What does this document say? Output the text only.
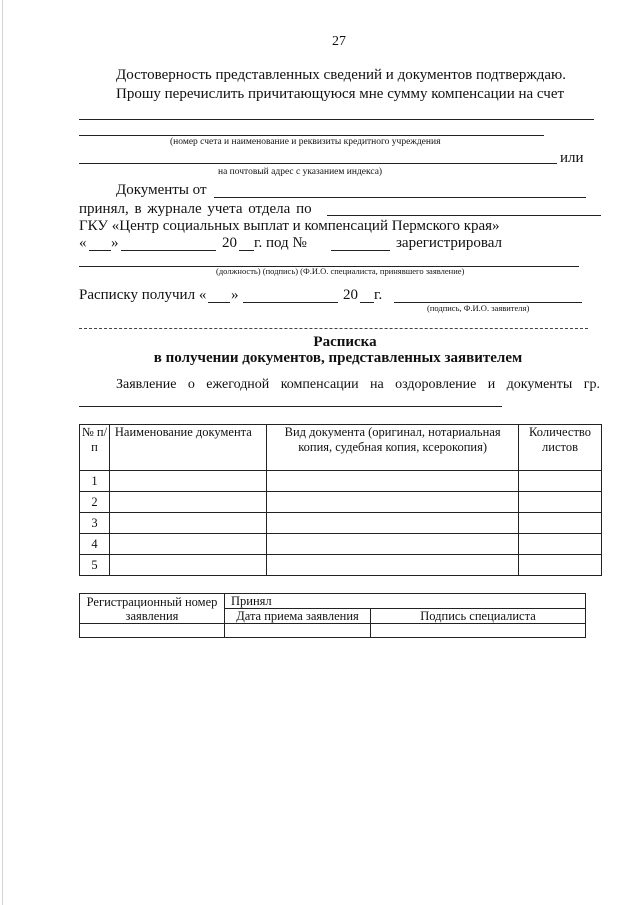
27
Достоверность представленных сведений и документов подтверждаю.
Прошу перечислить причитающуюся мне сумму компенсации на счет
(номер счета и наименование и реквизиты кредитного учреждения
или
на почтовый адрес с указанием индекса)
Документы от
принял, в журнале учета отдела по
ГКУ «Центр социальных выплат и компенсаций Пермского края»
« »	20 г. под №	зарегистрировал
(должность) (подпись) (Ф.И.О. специалиста, принявшего заявление)
Расписку получил « »	20 г.
(подпись, Ф.И.О. заявителя)
Расписка
в получении документов, представленных заявителем
Заявление о ежегодной компенсации на оздоровление и документы гр.
№ п/п	Наименование документа	Вид документа (оригинал, нотариальная копия, судебная копия, ксерокопия)	Количество листов
1			
2			
3			
4			
5			
Регистрационный номер заявления	Принял	
	Дата приема заявления	Подпись специалиста
